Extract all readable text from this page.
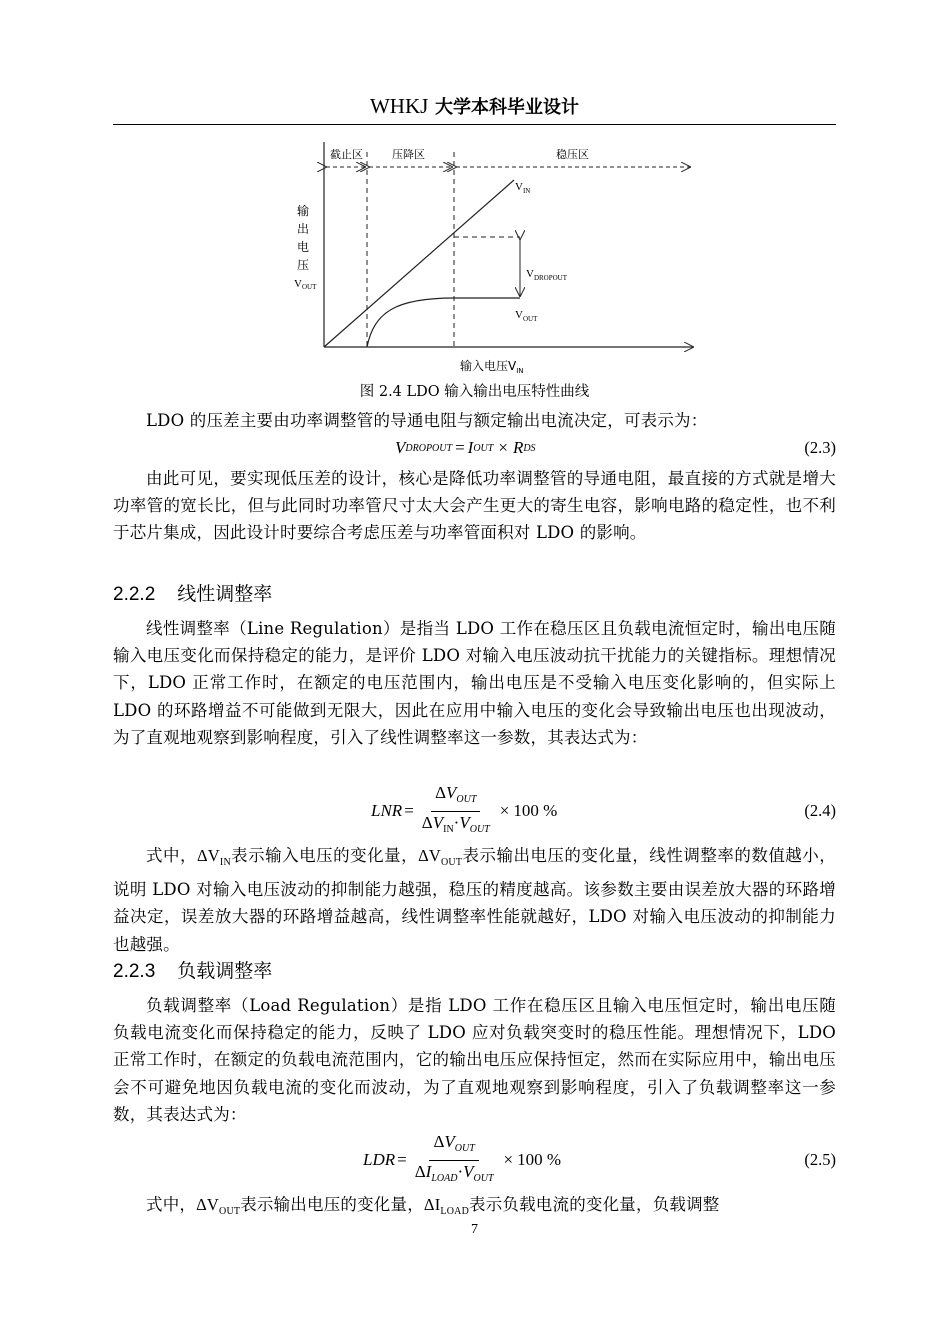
WHKJ 大学本科毕业设计
截止区	压降区	稳压区
$V_{IN}$
$V_{OUT}$
$V_{DROPOUT}$
输
出
电
压
VOUT
输入电压$V_{IN}$
图 2.4 LDO 输入输出电压特性曲线
LDO 的压差主要由功率调整管的导通电阻与额定输出电流决定，可表示为：
V DROPOUT = I OUT × R DS	(2.3)
由此可见，要实现低压差的设计，核心是降低功率调整管的导通电阻，最直接的方式就是增大功率管的宽长比，但与此同时功率管尺寸太大会产生更大的寄生电容，影响电路的稳定性，也不利于芯片集成，因此设计时要综合考虑压差与功率管面积对 LDO 的影响。
2.2.2 线性调整率
线性调整率（Line Regulation）是指当 LDO 工作在稳压区且负载电流恒定时，输出电压随输入电压变化而保持稳定的能力，是评价 LDO 对输入电压波动抗干扰能力的关键指标。理想情况下，LDO 正常工作时，在额定的电压范围内，输出电压是不受输入电压变化影响的，但实际上 LDO 的环路增益不可能做到无限大，因此在应用中输入电压的变化会导致输出电压也出现波动，为了直观地观察到影响程度，引入了线性调整率这一参数，其表达式为：
LNR = $\frac{\Delta V_{OUT}}{\Delta V_{IN}\cdot V_{OUT}} \times 100$ %	(2.4)
式中，$\Delta V_{IN}$表示输入电压的变化量，$\Delta V_{OUT}$表示输出电压的变化量，线性调整率的数值越小，说明 LDO 对输入电压波动的抑制能力越强，稳压的精度越高。该参数主要由误差放大器的环路增益决定，误差放大器的环路增益越高，线性调整率性能就越好，LDO 对输入电压波动的抑制能力也越强。
2.2.3 负载调整率
负载调整率（Load Regulation）是指 LDO 工作在稳压区且输入电压恒定时，输出电压随负载电流变化而保持稳定的能力，反映了 LDO 应对负载突变时的稳压性能。理想情况下，LDO 正常工作时，在额定的负载电流范围内，它的输出电压应保持恒定，然而在实际应用中，输出电压会不可避免地因负载电流的变化而波动，为了直观地观察到影响程度，引入了负载调整率这一参数，其表达式为：
LDR = $\frac{\Delta V_{OUT}}{\Delta I_{LOAD}\cdot V_{OUT}} \times 100$ %	(2.5)
式中，$\Delta V_{OUT}$表示输出电压的变化量，$\Delta I_{LOAD}$表示负载电流的变化量，负载调整
7
